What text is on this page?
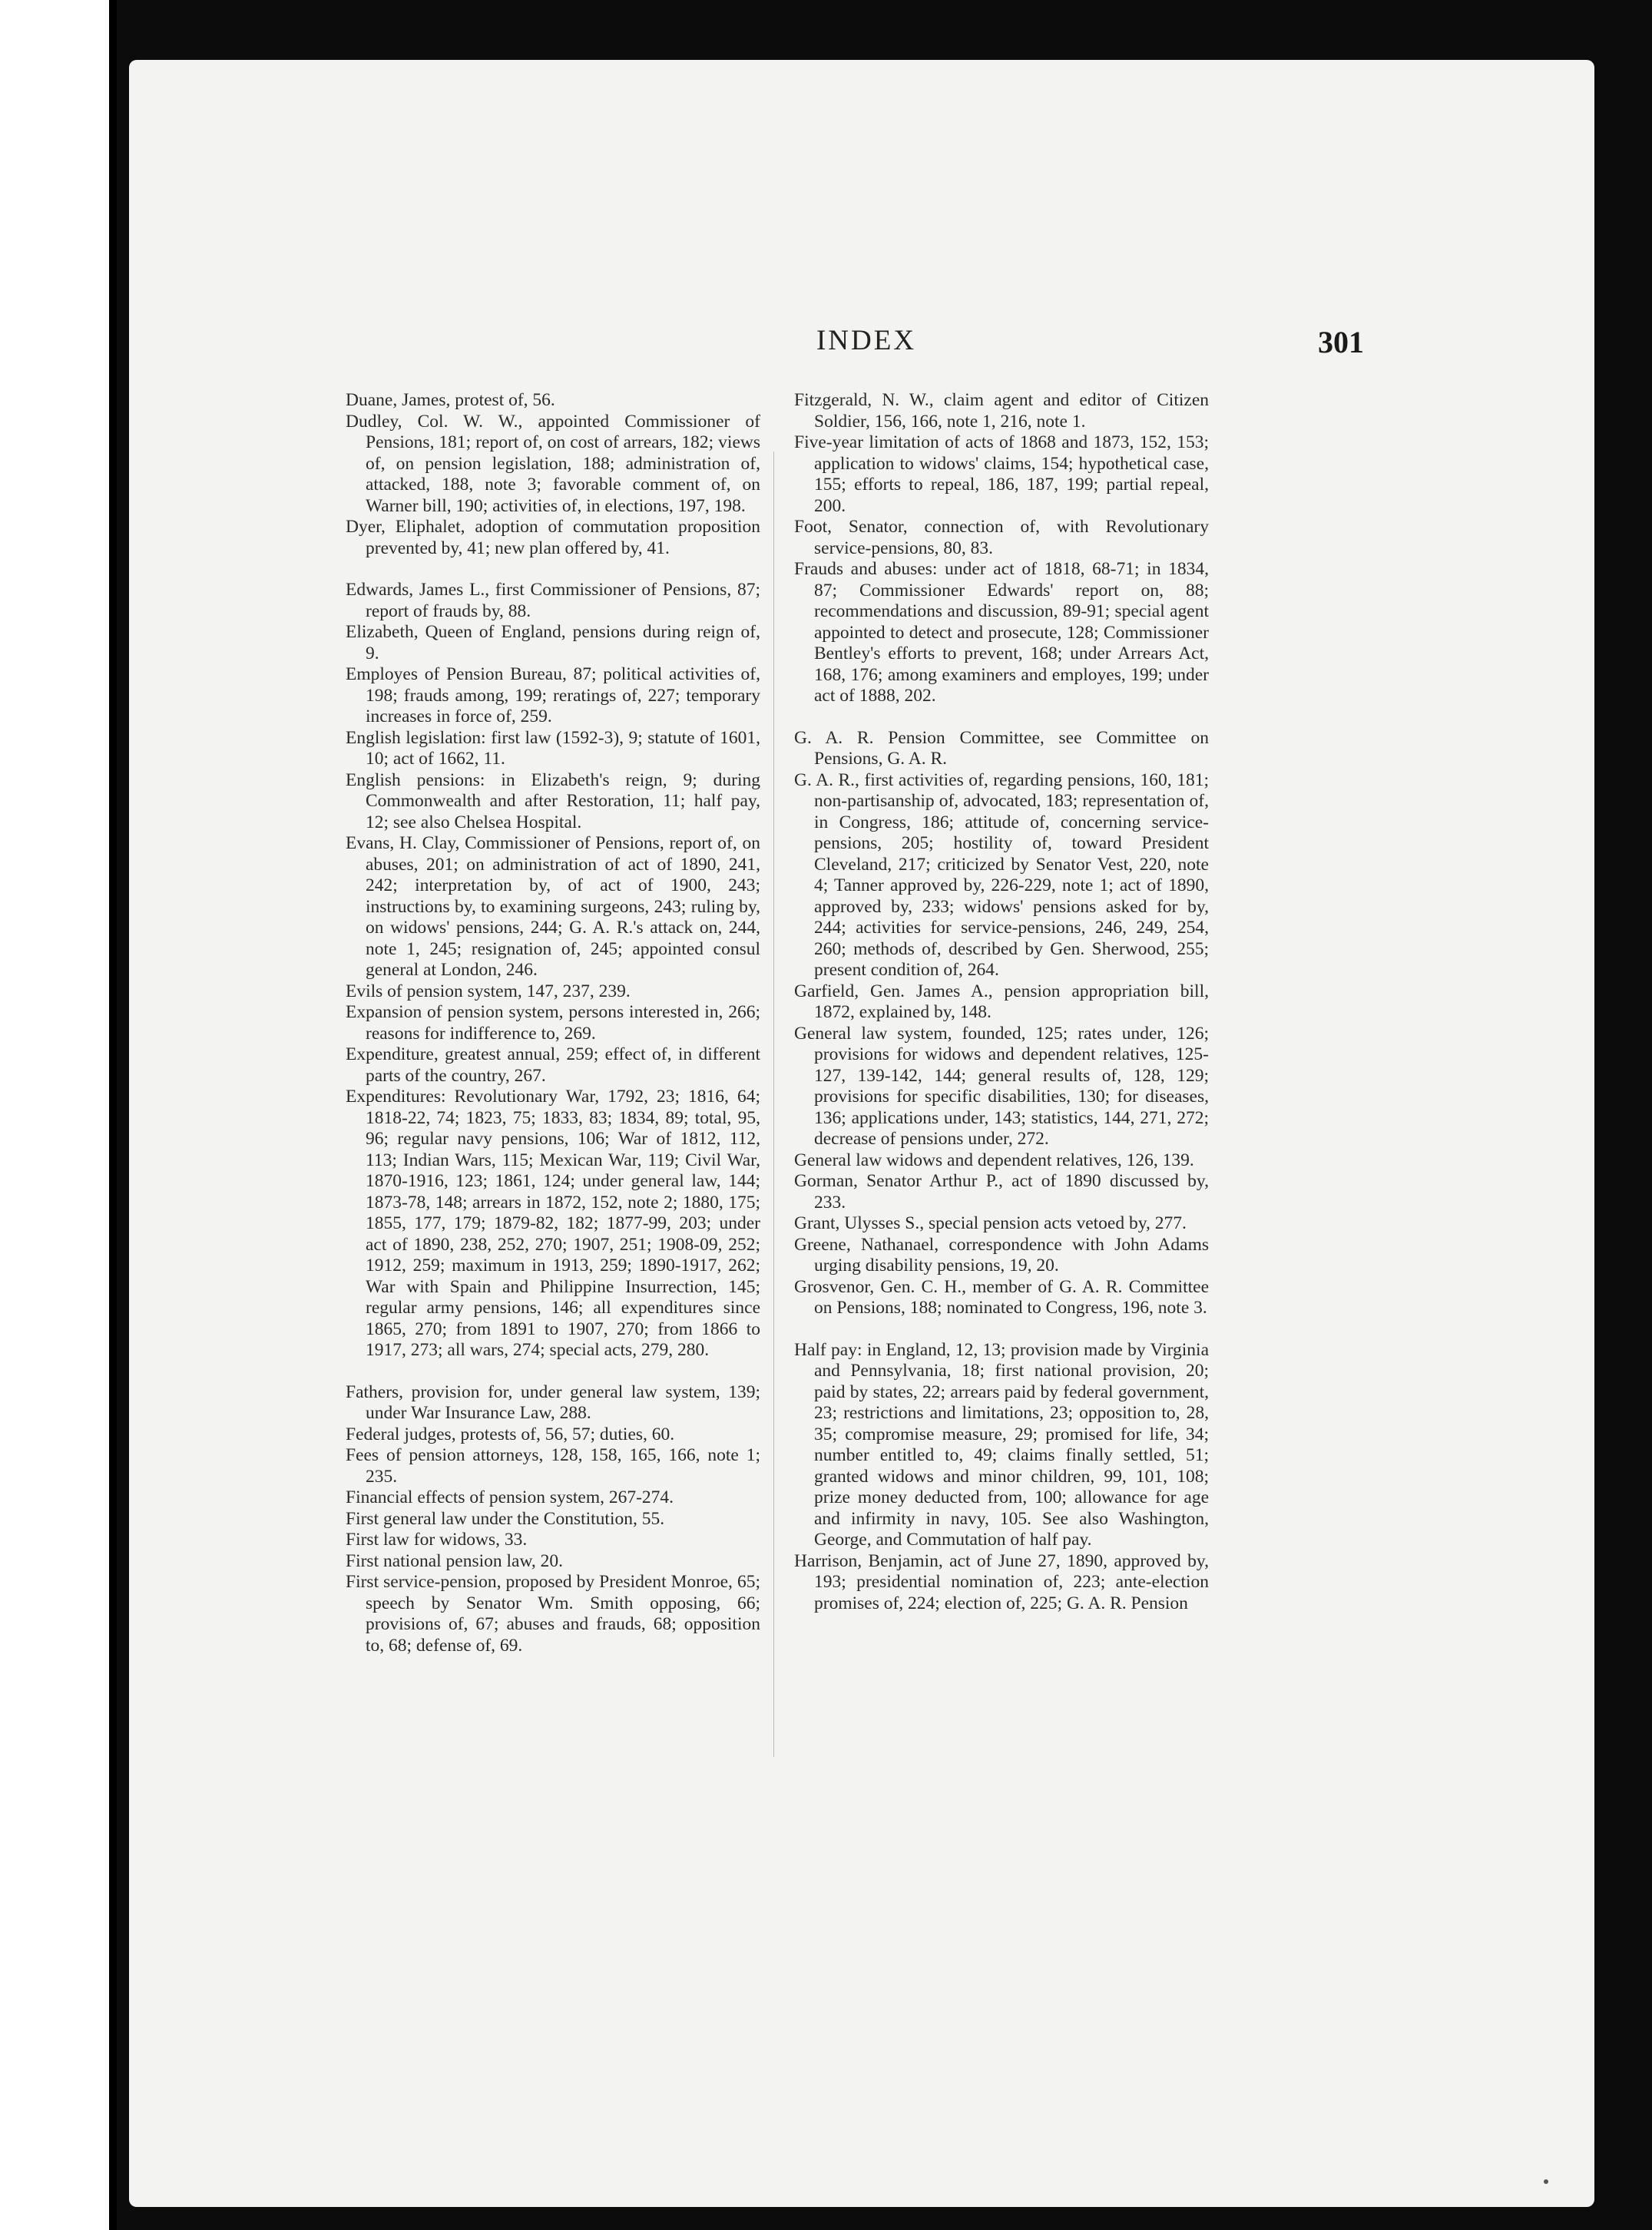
INDEX	301

Duane, James, protest of, 56.

Dudley, Col. W. W., appointed Commissioner of Pensions, 181; report of, on cost of arrears, 182; views of, on pension legislation, 188; administration of, attacked, 188, note 3; favorable comment of, on Warner bill, 190; activities of, in elections, 197, 198.

Dyer, Eliphalet, adoption of commutation proposition prevented by, 41; new plan offered by, 41.

Edwards, James L., first Commissioner of Pensions, 87; report of frauds by, 88.

Elizabeth, Queen of England, pensions during reign of, 9.

Employes of Pension Bureau, 87; political activities of, 198; frauds among, 199; reratings of, 227; temporary increases in force of, 259.

English legislation: first law (1592-3), 9; statute of 1601, 10; act of 1662, 11.

English pensions: in Elizabeth's reign, 9; during Commonwealth and after Restoration, 11; half pay, 12; see also Chelsea Hospital.

Evans, H. Clay, Commissioner of Pensions, report of, on abuses, 201; on administration of act of 1890, 241, 242; interpretation by, of act of 1900, 243; instructions by, to examining surgeons, 243; ruling by, on widows' pensions, 244; G. A. R.'s attack on, 244, note 1, 245; resignation of, 245; appointed consul general at London, 246.

Evils of pension system, 147, 237, 239.

Expansion of pension system, persons interested in, 266; reasons for indifference to, 269.

Expenditure, greatest annual, 259; effect of, in different parts of the country, 267.

Expenditures: Revolutionary War, 1792, 23; 1816, 64; 1818-22, 74; 1823, 75; 1833, 83; 1834, 89; total, 95, 96; regular navy pensions, 106; War of 1812, 112, 113; Indian Wars, 115; Mexican War, 119; Civil War, 1870-1916, 123; 1861, 124; under general law, 144; 1873-78, 148; arrears in 1872, 152, note 2; 1880, 175; 1855, 177, 179; 1879-82, 182; 1877-99, 203; under act of 1890, 238, 252, 270; 1907, 251; 1908-09, 252; 1912, 259; maximum in 1913, 259; 1890-1917, 262; War with Spain and Philippine Insurrection, 145; regular army pensions, 146; all expenditures since 1865, 270; from 1891 to 1907, 270; from 1866 to 1917, 273; all wars, 274; special acts, 279, 280.

Fathers, provision for, under general law system, 139; under War Insurance Law, 288.

Federal judges, protests of, 56, 57; duties, 60.

Fees of pension attorneys, 128, 158, 165, 166, note 1; 235.

Financial effects of pension system, 267-274.

First general law under the Constitution, 55.

First law for widows, 33.

First national pension law, 20.

First service-pension, proposed by President Monroe, 65; speech by Senator Wm. Smith opposing, 66; provisions of, 67; abuses and frauds, 68; opposition to, 68; defense of, 69.

Fitzgerald, N. W., claim agent and editor of Citizen Soldier, 156, 166, note 1, 216, note 1.

Five-year limitation of acts of 1868 and 1873, 152, 153; application to widows' claims, 154; hypothetical case, 155; efforts to repeal, 186, 187, 199; partial repeal, 200.

Foot, Senator, connection of, with Revolutionary service-pensions, 80, 83.

Frauds and abuses: under act of 1818, 68-71; in 1834, 87; Commissioner Edwards' report on, 88; recommendations and discussion, 89-91; special agent appointed to detect and prosecute, 128; Commissioner Bentley's efforts to prevent, 168; under Arrears Act, 168, 176; among examiners and employes, 199; under act of 1888, 202.

G. A. R. Pension Committee, see Committee on Pensions, G. A. R.

G. A. R., first activities of, regarding pensions, 160, 181; non-partisanship of, advocated, 183; representation of, in Congress, 186; attitude of, concerning service-pensions, 205; hostility of, toward President Cleveland, 217; criticized by Senator Vest, 220, note 4; Tanner approved by, 226-229, note 1; act of 1890, approved by, 233; widows' pensions asked for by, 244; activities for service-pensions, 246, 249, 254, 260; methods of, described by Gen. Sherwood, 255; present condition of, 264.

Garfield, Gen. James A., pension appropriation bill, 1872, explained by, 148.

General law system, founded, 125; rates under, 126; provisions for widows and dependent relatives, 125-127, 139-142, 144; general results of, 128, 129; provisions for specific disabilities, 130; for diseases, 136; applications under, 143; statistics, 144, 271, 272; decrease of pensions under, 272.

General law widows and dependent relatives, 126, 139.

Gorman, Senator Arthur P., act of 1890 discussed by, 233.

Grant, Ulysses S., special pension acts vetoed by, 277.

Greene, Nathanael, correspondence with John Adams urging disability pensions, 19, 20.

Grosvenor, Gen. C. H., member of G. A. R. Committee on Pensions, 188; nominated to Congress, 196, note 3.

Half pay: in England, 12, 13; provision made by Virginia and Pennsylvania, 18; first national provision, 20; paid by states, 22; arrears paid by federal government, 23; restrictions and limitations, 23; opposition to, 28, 35; compromise measure, 29; promised for life, 34; number entitled to, 49; claims finally settled, 51; granted widows and minor children, 99, 101, 108; prize money deducted from, 100; allowance for age and infirmity in navy, 105. See also Washington, George, and Commutation of half pay.

Harrison, Benjamin, act of June 27, 1890, approved by, 193; presidential nomination of, 223; ante-election promises of, 224; election of, 225; G. A. R. Pension
